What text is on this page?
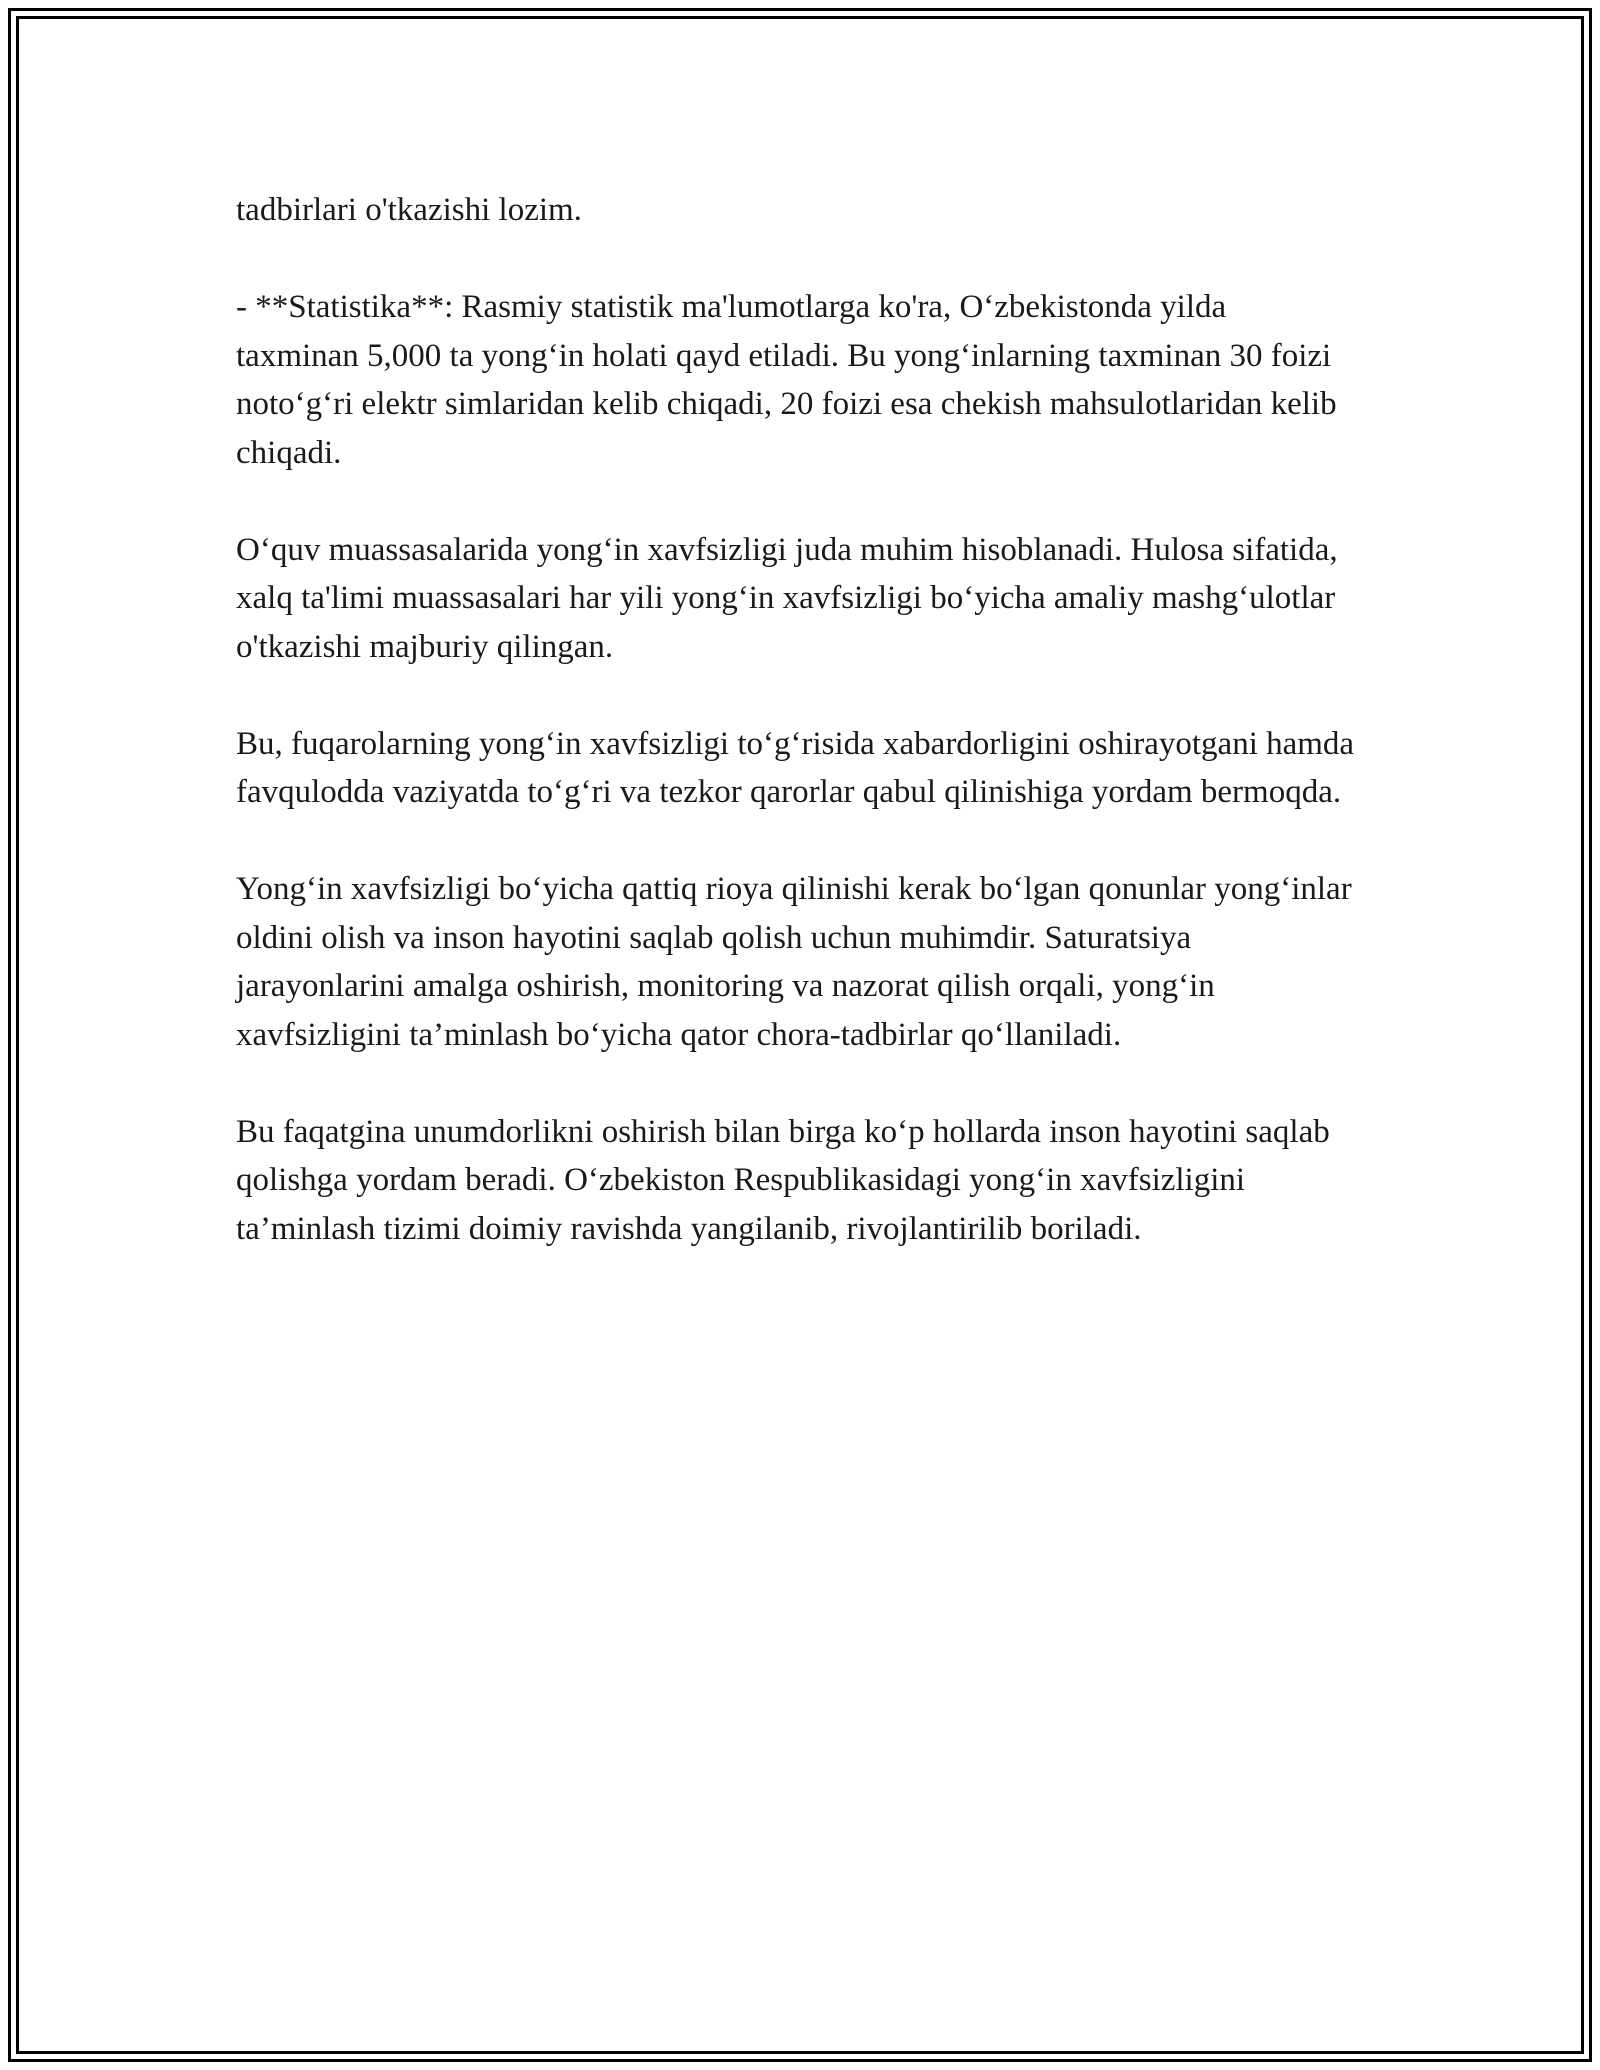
tadbirlari o'tkazishi lozim.

- **Statistika**: Rasmiy statistik ma'lumotlarga ko'ra, O‘zbekistonda yilda taxminan 5,000 ta yong‘in holati qayd etiladi. Bu yong‘inlarning taxminan 30 foizi noto‘g‘ri elektr simlaridan kelib chiqadi, 20 foizi esa chekish mahsulotlaridan kelib chiqadi.

O‘quv muassasalarida yong‘in xavfsizligi juda muhim hisoblanadi. Hulosa sifatida, xalq ta'limi muassasalari har yili yong‘in xavfsizligi bo‘yicha amaliy mashg‘ulotlar o'tkazishi majburiy qilingan.

Bu, fuqarolarning yong‘in xavfsizligi to‘g‘risida xabardorligini oshirayotgani hamda favqulodda vaziyatda to‘g‘ri va tezkor qarorlar qabul qilinishiga yordam bermoqda.

Yong‘in xavfsizligi bo‘yicha qattiq rioya qilinishi kerak bo‘lgan qonunlar yong‘inlar oldini olish va inson hayotini saqlab qolish uchun muhimdir. Saturatsiya jarayonlarini amalga oshirish, monitoring va nazorat qilish orqali, yong‘in xavfsizligini ta’minlash bo‘yicha qator chora-tadbirlar qo‘llaniladi.

Bu faqatgina unumdorlikni oshirish bilan birga ko‘p hollarda inson hayotini saqlab qolishga yordam beradi. O‘zbekiston Respublikasidagi yong‘in xavfsizligini ta’minlash tizimi doimiy ravishda yangilanib, rivojlantirilib boriladi.
